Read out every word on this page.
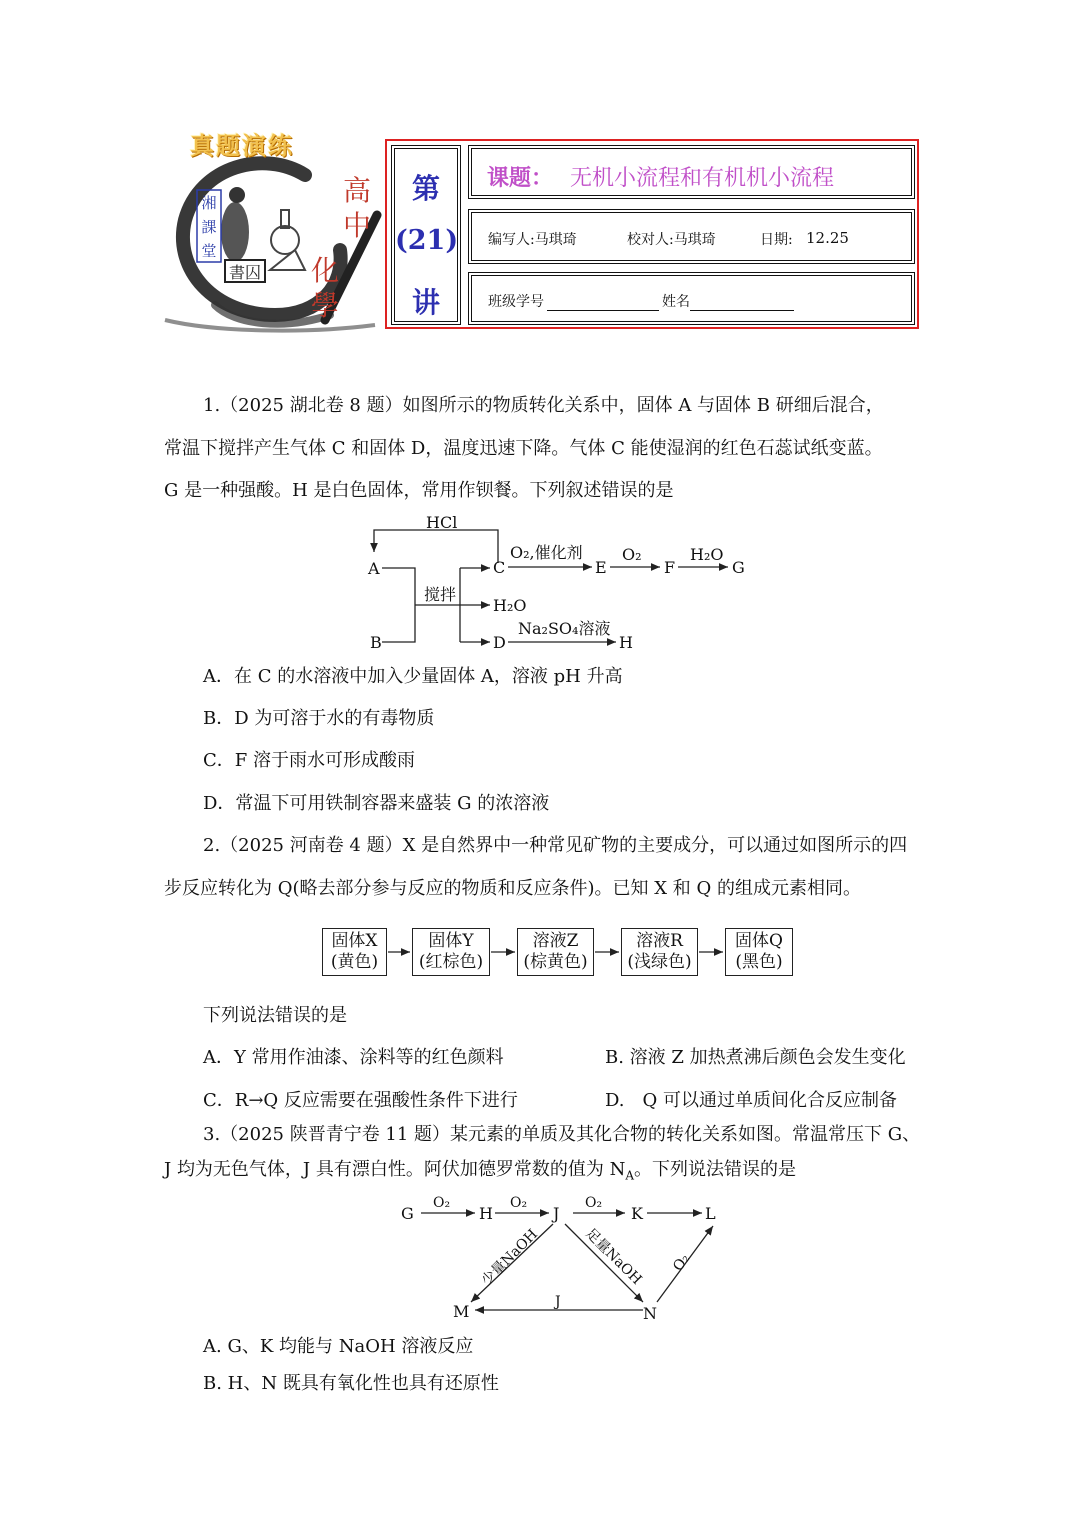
湘
課
堂
書囚
高
中
化
學
真题演练
第
(21)
讲
课题： 无机小流程和有机机小流程
编写人:马琪琦	校对人:马琪琦	日期: 12.25
班级学号	姓名
1.（2025 湖北卷 8 题）如图所示的物质转化关系中，固体 A 与固体 B 研细后混合，
常温下搅拌产生气体 C 和固体 D，温度迅速下降。气体 C 能使湿润的红色石蕊试纸变蓝。
G 是一种强酸。H 是白色固体，常用作钡餐。下列叙述错误的是
HCl
A
B
搅拌
C
D
E	F	G
H
O₂,催化剂 O₂	H₂O
H₂O
Na₂SO₄溶液
A．在 C 的水溶液中加入少量固体 A，溶液 pH 升高
B．D 为可溶于水的有毒物质
C．F 溶于雨水可形成酸雨
D．常温下可用铁制容器来盛装 G 的浓溶液
2.（2025 河南卷 4 题）X 是自然界中一种常见矿物的主要成分，可以通过如图所示的四
步反应转化为 Q(略去部分参与反应的物质和反应条件)。已知 X 和 Q 的组成元素相同。
固体X
(黄色)
固体Y
(红棕色)
溶液Z
(棕黄色)
溶液R
(浅绿色)
固体Q
(黑色)
下列说法错误的是
A．Y 常用作油漆、涂料等的红色颜料	B. 溶液 Z 加热煮沸后颜色会发生变化
C．R→Q 反应需要在强酸性条件下进行	D.　Q 可以通过单质间化合反应制备
3.（2025 陕晋青宁卷 11 题）某元素的单质及其化合物的转化关系如图。常温常压下 G、
J 均为无色气体，J 具有漂白性。阿伏加德罗常数的值为 $N_A$。下列说法错误的是
G	H	J	K	L
M	N
O₂	O₂	O₂
J
少量NaOH	足量NaOH O₂
A. G、K 均能与 NaOH 溶液反应
B. H、N 既具有氧化性也具有还原性
